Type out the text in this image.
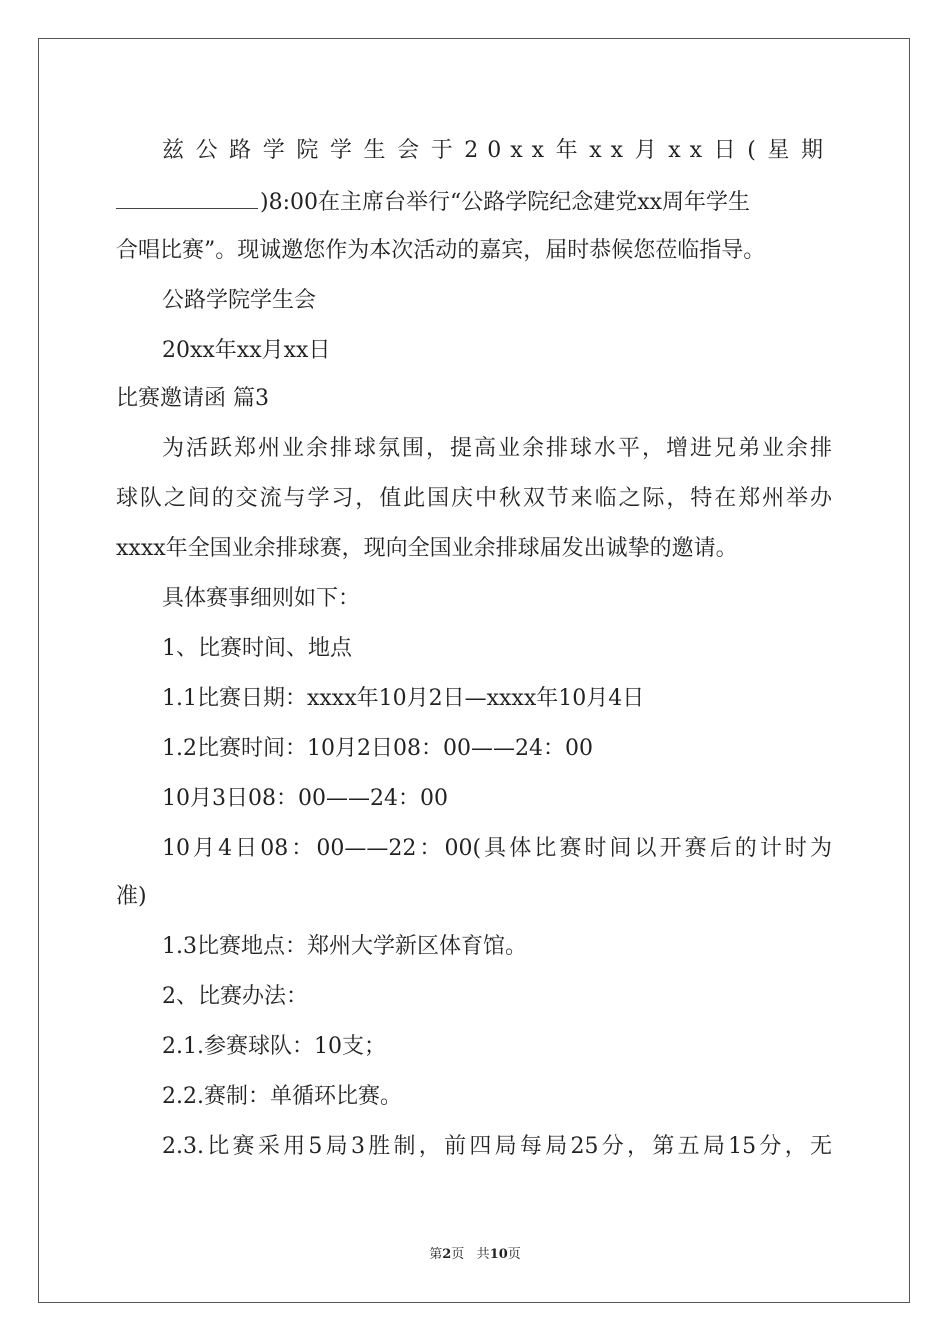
兹公路学院学生会于20xx年xx月xx日(星期
)8:00在主席台举行“公路学院纪念建党xx周年学生
合唱比赛”。现诚邀您作为本次活动的嘉宾，届时恭候您莅临指导。
公路学院学生会
20xx年xx月xx日
比赛邀请函 篇3
为活跃郑州业余排球氛围，提高业余排球水平，增进兄弟业余排
球队之间的交流与学习，值此国庆中秋双节来临之际，特在郑州举办
xxxx年全国业余排球赛，现向全国业余排球届发出诚挚的邀请。
具体赛事细则如下：
1、比赛时间、地点
1.1比赛日期：xxxx年10月2日—xxxx年10月4日
1.2比赛时间：10月2日08：00——24：00
10月3日08：00——24：00
10月4日08：00——22：00(具体比赛时间以开赛后的计时为
准)
1.3比赛地点：郑州大学新区体育馆。
2、比赛办法：
2.1.参赛球队：10支；
2.2.赛制：单循环比赛。
2.3.比赛采用5局3胜制，前四局每局25分，第五局15分，无
第2页 共10页
